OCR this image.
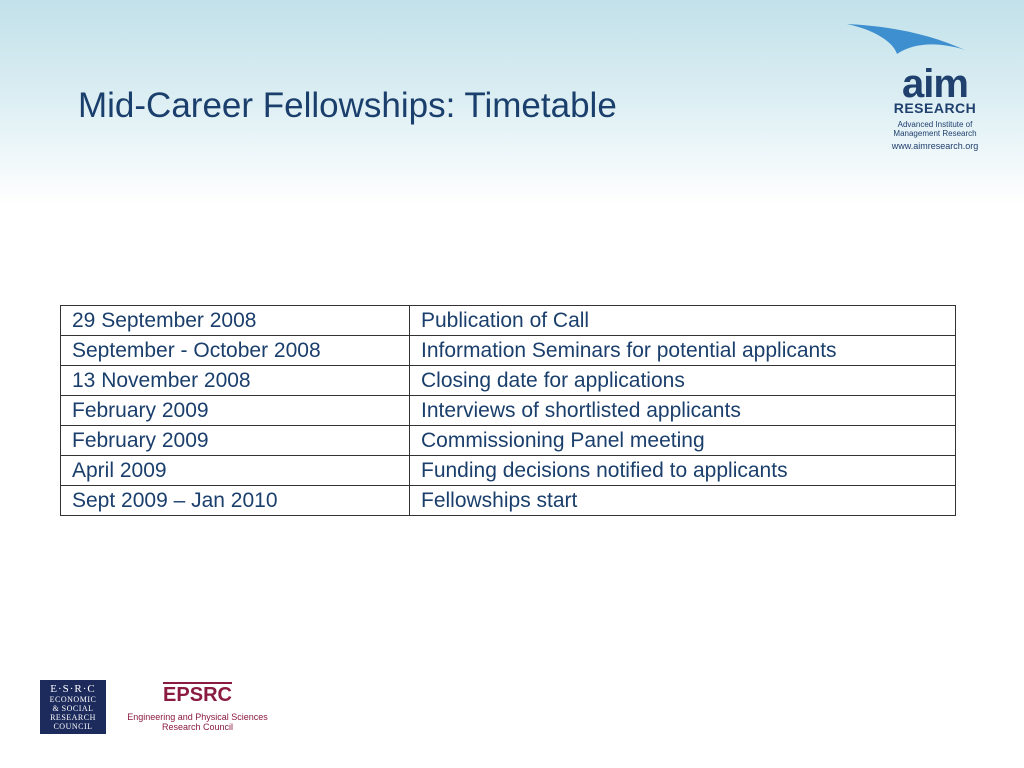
Mid-Career Fellowships: Timetable	aim
RESEARCH
Advanced Institute of
Management Research
www.aimresearch.org
29 September 2008	Publication of Call
September - October 2008	Information Seminars for potential applicants
13 November 2008	Closing date for applications
February 2009	Interviews of shortlisted applicants
February 2009	Commissioning Panel meeting
April 2009	Funding decisions notified to applicants
Sept 2009 – Jan 2010	Fellowships start
E·S·R·C
ECONOMIC
& SOCIAL
RESEARCH
COUNCIL
EPSRC
Engineering and Physical Sciences
Research Council
